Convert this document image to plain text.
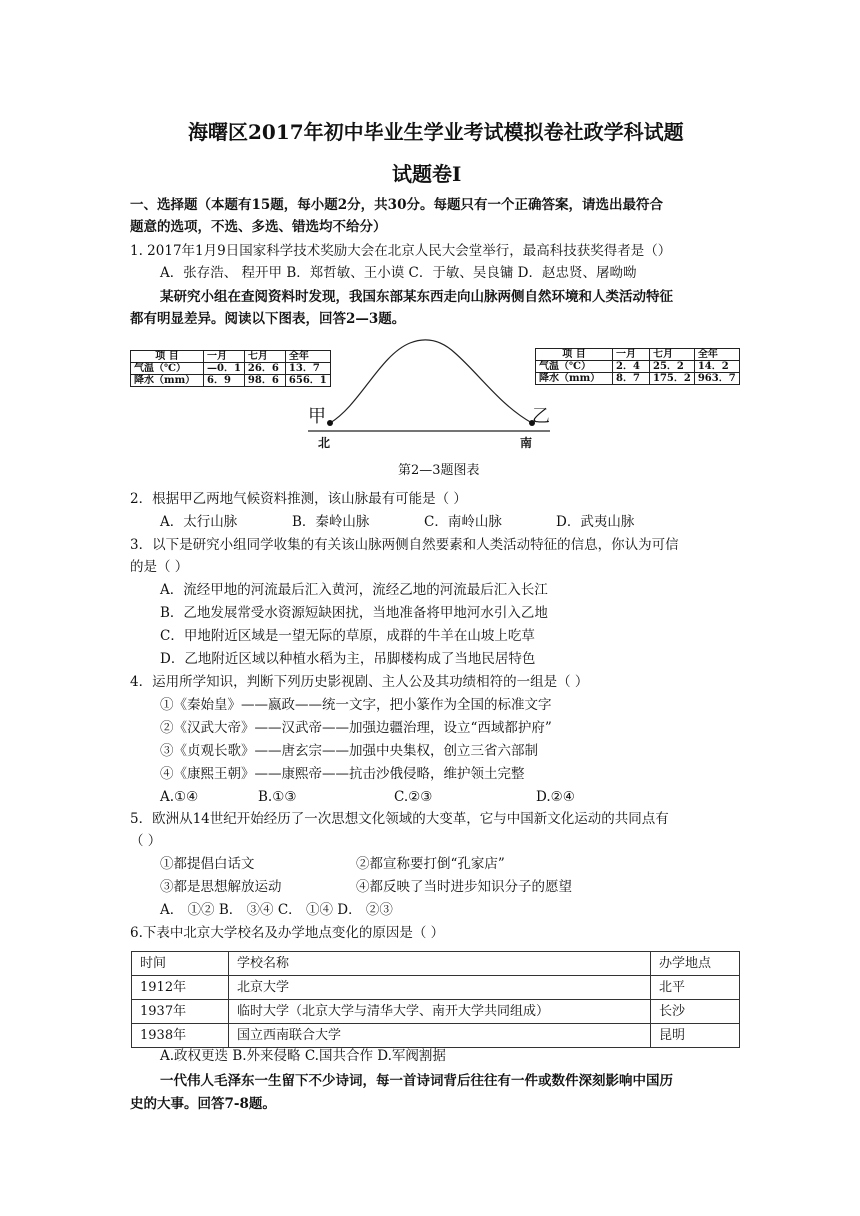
海曙区2017年初中毕业生学业考试模拟卷社政学科试题
试题卷Ⅰ
一、选择题（本题有15题，每小题2分，共30分。每题只有一个正确答案，请选出最符合
题意的选项，不选、多选、错选均不给分）
1. 2017年1月9日国家科学技术奖励大会在北京人民大会堂举行，最高科技获奖得者是（）
A．张存浩、 程开甲 B．郑哲敏、王小谟 C．于敏、吴良镛 D．赵忠贤、屠呦呦
某研究小组在查阅资料时发现，我国东部某东西走向山脉两侧自然环境和人类活动特征
都有明显差异。阅读以下图表，回答2—3题。
项 目	一月	七月	全年
气温（℃）	—0．1	26．6	13．7
降水（mm）	6．9	98．6	656．1
项 目	一月	七月	全年
气温（℃）	2．4	25．2	14．2
降水（mm）	8．7	175．2	963．7
甲	乙
北	南
第2—3题图表
2．根据甲乙两地气候资料推测，该山脉最有可能是（ ）
A．太行山脉	B．秦岭山脉	C．南岭山脉	D．武夷山脉
3．以下是研究小组同学收集的有关该山脉两侧自然要素和人类活动特征的信息，你认为可信
的是（ ）
A．流经甲地的河流最后汇入黄河，流经乙地的河流最后汇入长江
B．乙地发展常受水资源短缺困扰，当地准备将甲地河水引入乙地
C．甲地附近区域是一望无际的草原，成群的牛羊在山坡上吃草
D．乙地附近区域以种植水稻为主，吊脚楼构成了当地民居特色
4．运用所学知识，判断下列历史影视剧、主人公及其功绩相符的一组是（ ）
①《秦始皇》——嬴政——统一文字，把小篆作为全国的标准文字
②《汉武大帝》——汉武帝——加强边疆治理，设立“西域都护府”
③《贞观长歌》——唐玄宗——加强中央集权，创立三省六部制
④《康熙王朝》——康熙帝——抗击沙俄侵略，维护领土完整
A.①④	B.①③	C.②③	D.②④
5．欧洲从14世纪开始经历了一次思想文化领域的大变革，它与中国新文化运动的共同点有
（ ）
①都提倡白话文	②都宣称要打倒“孔家店”
③都是思想解放运动	④都反映了当时进步知识分子的愿望
A． ①② B． ③④ C． ①④ D． ②③
6.下表中北京大学校名及办学地点变化的原因是（ ）
时间	学校名称	办学地点
1912年	北京大学	北平
1937年	临时大学（北京大学与清华大学、南开大学共同组成）	长沙
1938年	国立西南联合大学	昆明
A.政权更迭 B.外来侵略 C.国共合作 D.军阀割据
一代伟人毛泽东一生留下不少诗词，每一首诗词背后往往有一件或数件深刻影响中国历
史的大事。回答7-8题。
